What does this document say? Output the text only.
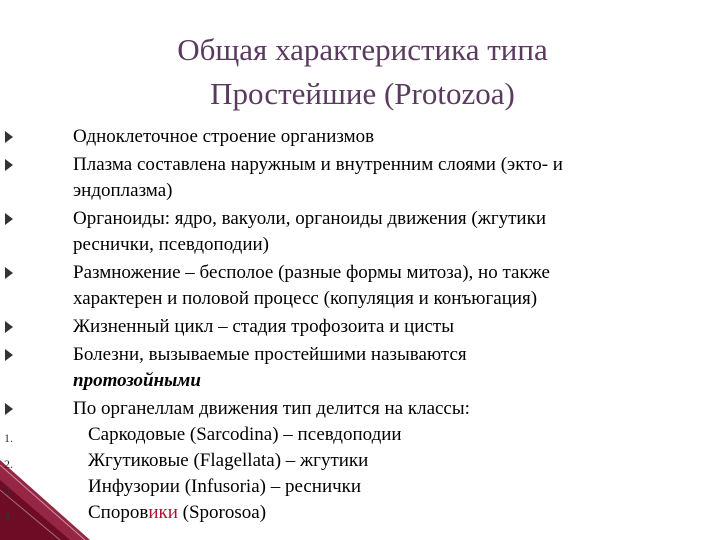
Общая характеристика типа
Простейшие (Protozoa)

Одноклеточное строение организмов

Плазма составлена наружным и внутренним слоями (экто- и
эндоплазма)

Органоиды: ядро, вакуоли, органоиды движения (жгутики
реснички, псевдоподии)

Размножение – бесполое (разные формы митоза), но также
характерен и половой процесс (копуляция и конъюгация)

Жизненный цикл – стадия трофозоита и цисты

Болезни, вызываемые простейшими называются
протозойными

По органеллам движения тип делится на классы:

1.	Саркодовые (Sarcodina) – псевдоподии

2.	Жгутиковые (Flagellata) – жгутики

3.	Инфузории (Infusoria) – реснички

4.	Споровики (Sporosoa)
